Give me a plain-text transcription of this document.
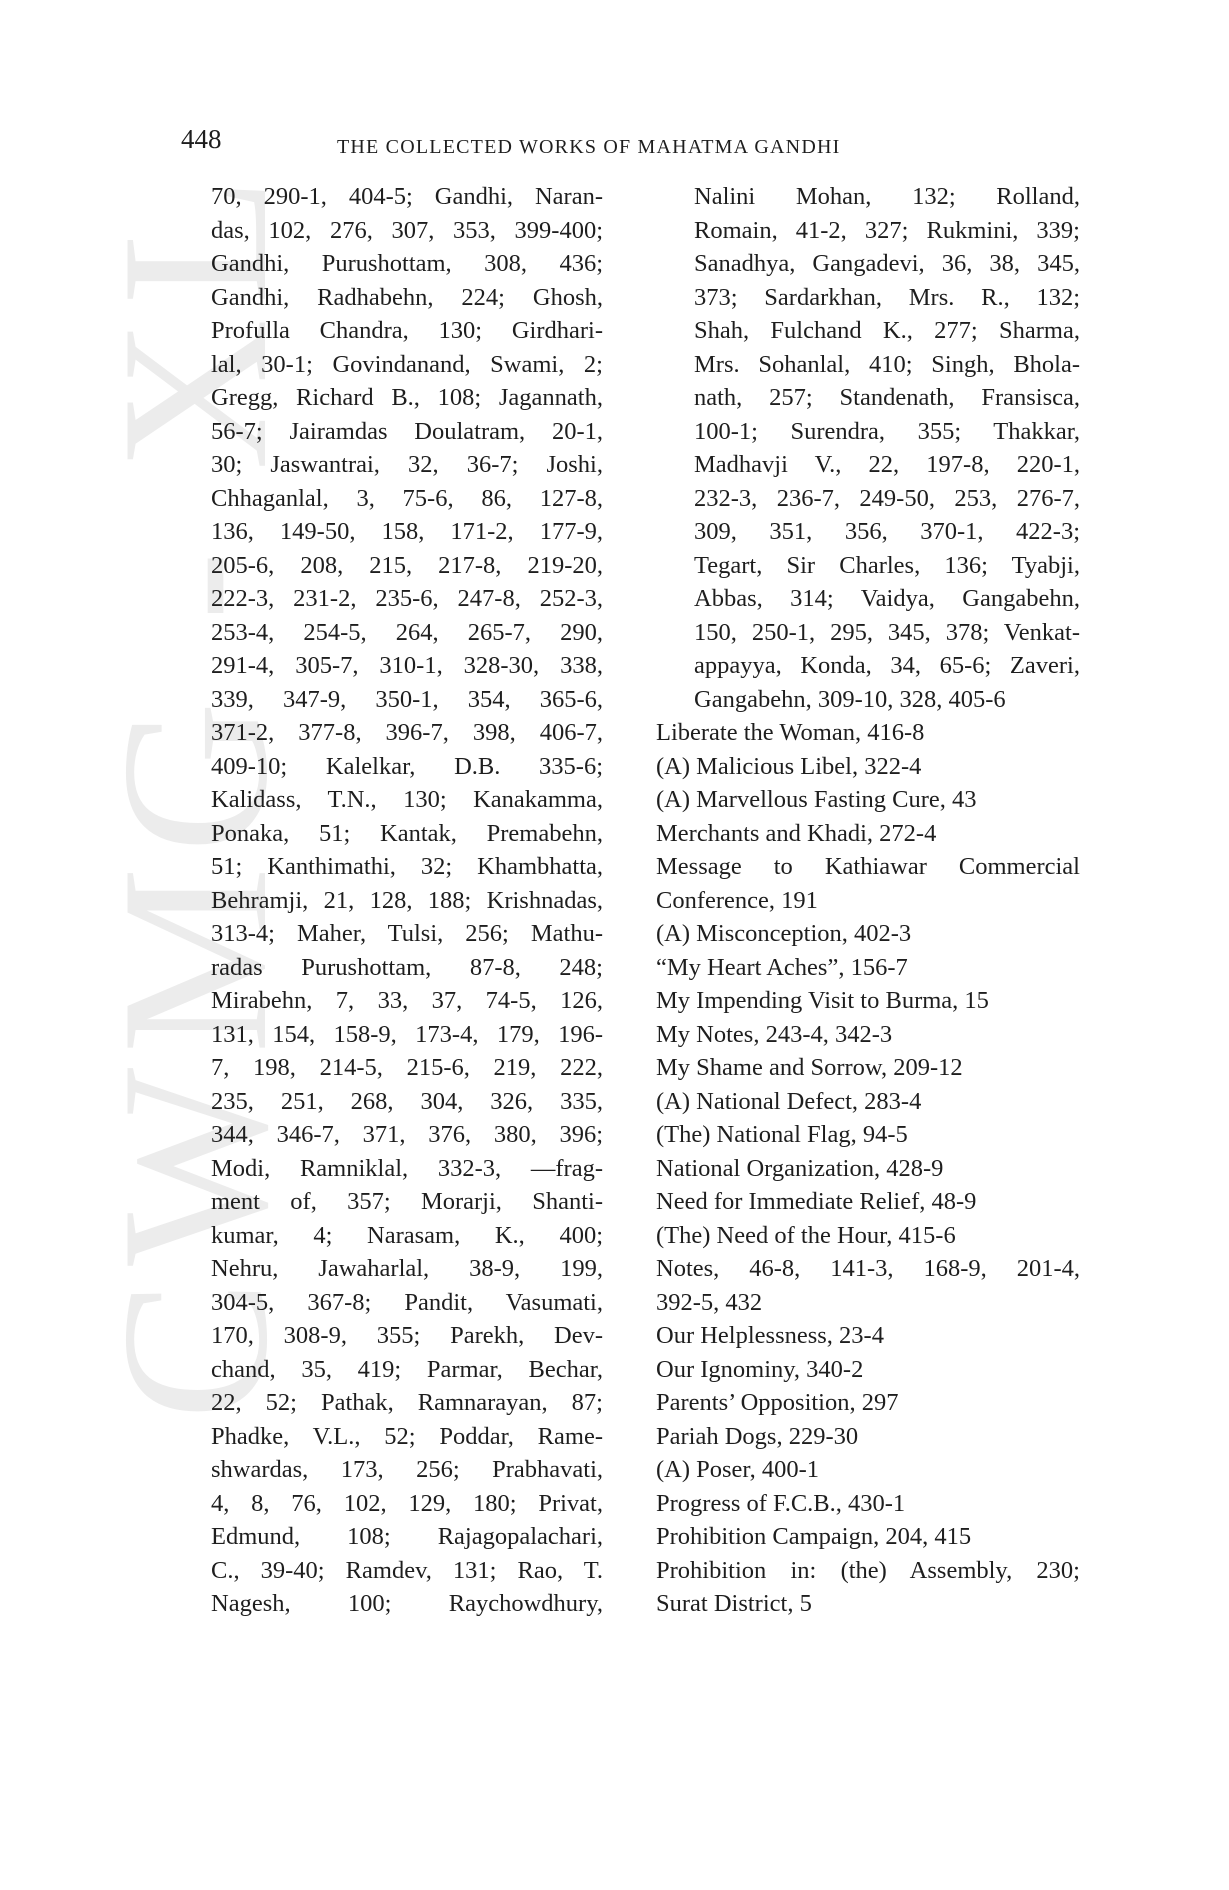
CWMG - XL
448	THE COLLECTED WORKS OF MAHATMA GANDHI
70, 290-1, 404-5; Gandhi, Naran-
das, 102, 276, 307, 353, 399-400;
Gandhi, Purushottam, 308, 436;
Gandhi, Radhabehn, 224; Ghosh,
Profulla Chandra, 130; Girdhari-
lal, 30-1; Govindanand, Swami, 2;
Gregg, Richard B., 108; Jagannath,
56-7; Jairamdas Doulatram, 20-1,
30; Jaswantrai, 32, 36-7; Joshi,
Chhaganlal, 3, 75-6, 86, 127-8,
136, 149-50, 158, 171-2, 177-9,
205-6, 208, 215, 217-8, 219-20,
222-3, 231-2, 235-6, 247-8, 252-3,
253-4, 254-5, 264, 265-7, 290,
291-4, 305-7, 310-1, 328-30, 338,
339, 347-9, 350-1, 354, 365-6,
371-2, 377-8, 396-7, 398, 406-7,
409-10; Kalelkar, D.B. 335-6;
Kalidass, T.N., 130; Kanakamma,
Ponaka, 51; Kantak, Premabehn,
51; Kanthimathi, 32; Khambhatta,
Behramji, 21, 128, 188; Krishnadas,
313-4; Maher, Tulsi, 256; Mathu-
radas Purushottam, 87-8, 248;
Mirabehn, 7, 33, 37, 74-5, 126,
131, 154, 158-9, 173-4, 179, 196-
7, 198, 214-5, 215-6, 219, 222,
235, 251, 268, 304, 326, 335,
344, 346-7, 371, 376, 380, 396;
Modi, Ramniklal, 332-3, —frag-
ment of, 357; Morarji, Shanti-
kumar, 4; Narasam, K., 400;
Nehru, Jawaharlal, 38-9, 199,
304-5, 367-8; Pandit, Vasumati,
170, 308-9, 355; Parekh, Dev-
chand, 35, 419; Parmar, Bechar,
22, 52; Pathak, Ramnarayan, 87;
Phadke, V.L., 52; Poddar, Rame-
shwardas, 173, 256; Prabhavati,
4, 8, 76, 102, 129, 180; Privat,
Edmund, 108; Rajagopalachari,
C., 39-40; Ramdev, 131; Rao, T.
Nagesh, 100; Raychowdhury,
Nalini Mohan, 132; Rolland,
Romain, 41-2, 327; Rukmini, 339;
Sanadhya, Gangadevi, 36, 38, 345,
373; Sardarkhan, Mrs. R., 132;
Shah, Fulchand K., 277; Sharma,
Mrs. Sohanlal, 410; Singh, Bhola-
nath, 257; Standenath, Fransisca,
100-1; Surendra, 355; Thakkar,
Madhavji V., 22, 197-8, 220-1,
232-3, 236-7, 249-50, 253, 276-7,
309, 351, 356, 370-1, 422-3;
Tegart, Sir Charles, 136; Tyabji,
Abbas, 314; Vaidya, Gangabehn,
150, 250-1, 295, 345, 378; Venkat-
appayya, Konda, 34, 65-6; Zaveri,
Gangabehn, 309-10, 328, 405-6
Liberate the Woman, 416-8
(A) Malicious Libel, 322-4
(A) Marvellous Fasting Cure, 43
Merchants and Khadi, 272-4
Message to Kathiawar Commercial
Conference, 191
(A) Misconception, 402-3
“My Heart Aches”, 156-7
My Impending Visit to Burma, 15
My Notes, 243-4, 342-3
My Shame and Sorrow, 209-12
(A) National Defect, 283-4
(The) National Flag, 94-5
National Organization, 428-9
Need for Immediate Relief, 48-9
(The) Need of the Hour, 415-6
Notes, 46-8, 141-3, 168-9, 201-4,
392-5, 432
Our Helplessness, 23-4
Our Ignominy, 340-2
Parents’ Opposition, 297
Pariah Dogs, 229-30
(A) Poser, 400-1
Progress of F.C.B., 430-1
Prohibition Campaign, 204, 415
Prohibition in: (the) Assembly, 230;
Surat District, 5
